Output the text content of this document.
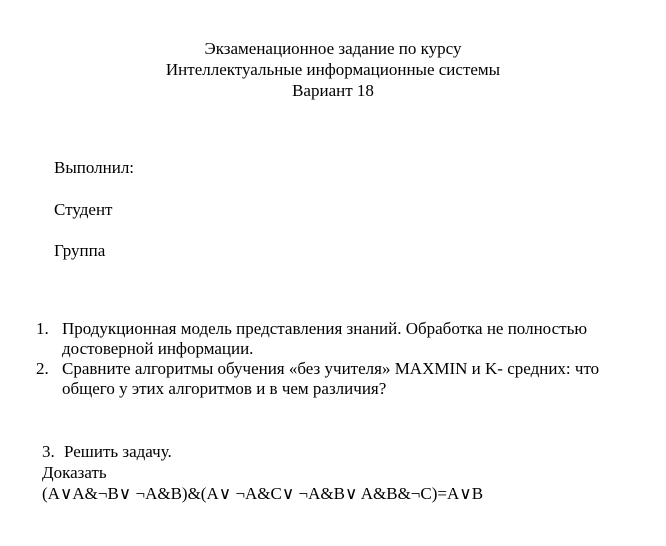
Экзаменационное задание по курсу
Интеллектуальные информационные системы
Вариант 18
Выполнил:
Студент
Группа
1. Продукционная модель представления знаний. Обработка не полностью достоверной информации.
2. Сравните алгоритмы обучения «без учителя» MAXMIN и K- средних: что общего у этих алгоритмов и в чем различия?
3. Решить задачу.
Доказать
(A∨A&¬B∨ ¬A&B)&(A∨ ¬A&C∨ ¬A&B∨ A&B&¬C)=A∨B
